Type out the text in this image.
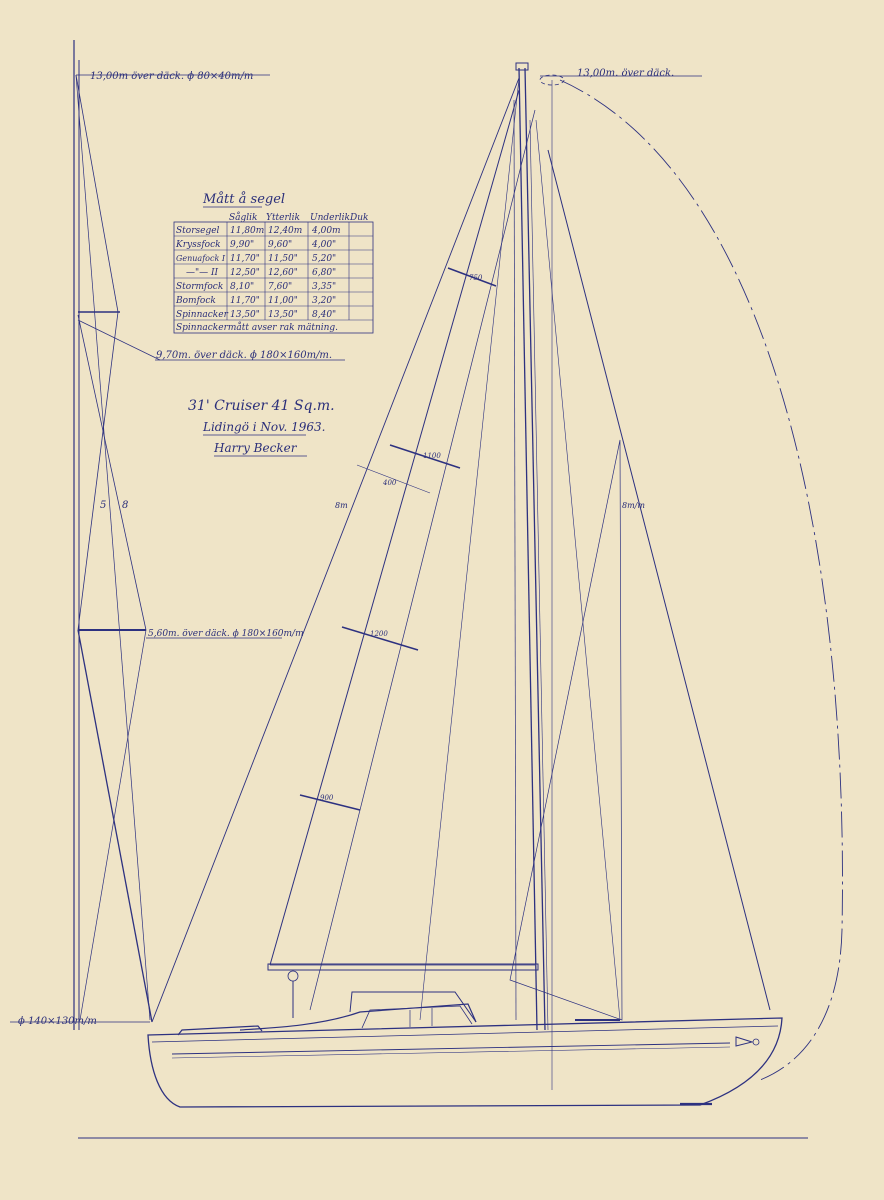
13,00m över däck. ϕ 80×40m/m
9,70m. över däck. ϕ 180×160m/m.
5,60m. över däck. ϕ 180×160m/m
ϕ 140×130m/m
5 8
Mått å segel
Såglik Ytterlik Underlik Duk
Storsegel 11,80m 12,40m 4,00m
Kryssfock 9,90" 9,60" 4,00"
Genuafock I 11,70" 11,50" 5,20"
—"— II 12,50" 12,60" 6,80"
Stormfock 8,10" 7,60" 3,35"
Bomfock 11,70" 11,00" 3,20"
Spinnacker 13,50" 13,50" 8,40"
Spinnackermått avser rak mätning.
31' Cruiser 41 Sq.m.
Lidingö i Nov. 1963.
Harry Becker
13,00m. över däck.
750
1100
400
1200
900
8m	8m/m
